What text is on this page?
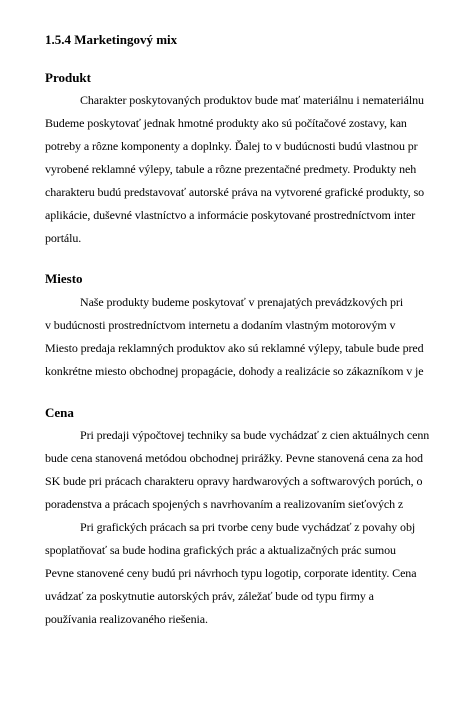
1.5.4 Marketingový mix
Produkt
Charakter poskytovaných produktov bude mať materiálnu i nemateriálnu
Budeme poskytovať jednak hmotné produkty ako sú počítačové zostavy, kan
potreby a rôzne komponenty a doplnky. Ďalej to v budúcnosti budú vlastnou pr
vyrobené reklamné výlepy, tabule a rôzne prezentačné predmety. Produkty neh
charakteru budú predstavovať autorské práva na vytvorené grafické produkty, so
aplikácie, duševné vlastníctvo a informácie poskytované prostredníctvom inter
portálu.
Miesto
Naše produkty budeme poskytovať v prenajatých prevádzkových pri
v budúcnosti prostredníctvom internetu a dodaním vlastným motorovým v
Miesto predaja reklamných produktov ako sú reklamné výlepy, tabule bude pred
konkrétne miesto obchodnej propagácie, dohody a realizácie so zákazníkom v je
Cena
Pri predaji výpočtovej techniky sa bude vychádzať z cien aktuálnych cenn
bude cena stanovená metódou obchodnej prirážky. Pevne stanovená cena za hod
SK bude pri prácach charakteru opravy hardwarových a softwarových porúch, o
poradenstva a prácach spojených s navrhovaním a realizovaním sieťových z
Pri grafických prácach sa pri tvorbe ceny bude vychádzať z povahy obj
spoplatňovať sa bude hodina grafických prác a aktualizačných prác sumou
Pevne stanovené ceny budú pri návrhoch typu logotip, corporate identity. Cena
uvádzať za poskytnutie autorských práv, záležať bude od typu firmy a
používania realizovaného riešenia.
